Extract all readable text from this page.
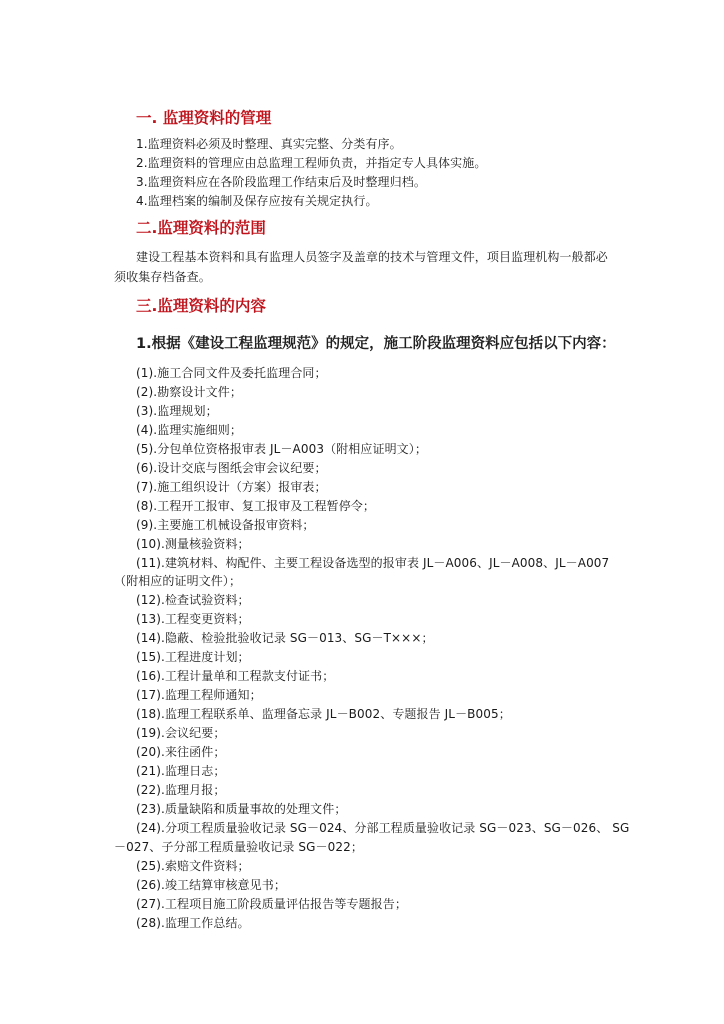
一. 监理资料的管理
1.监理资料必须及时整理、真实完整、分类有序。
2.监理资料的管理应由总监理工程师负责，并指定专人具体实施。
3.监理资料应在各阶段监理工作结束后及时整理归档。
4.监理档案的编制及保存应按有关规定执行。
二.监理资料的范围
建设工程基本资料和具有监理人员签字及盖章的技术与管理文件，项目监理机构一般都必
须收集存档备查。
三.监理资料的内容
1.根据《建设工程监理规范》的规定，施工阶段监理资料应包括以下内容：
(1).施工合同文件及委托监理合同；
(2).勘察设计文件；
(3).监理规划；
(4).监理实施细则；
(5).分包单位资格报审表 JL－A003（附相应证明文）；
(6).设计交底与图纸会审会议纪要；
(7).施工组织设计（方案）报审表；
(8).工程开工报审、复工报审及工程暂停令；
(9).主要施工机械设备报审资料；
(10).测量核验资料；
(11).建筑材料、构配件、主要工程设备选型的报审表 JL－A006、JL－A008、JL－A007
（附相应的证明文件）；
(12).检查试验资料；
(13).工程变更资料；
(14).隐蔽、检验批验收记录 SG－013、SG－T×××；
(15).工程进度计划；
(16).工程计量单和工程款支付证书；
(17).监理工程师通知；
(18).监理工程联系单、监理备忘录 JL－B002、专题报告 JL－B005；
(19).会议纪要；
(20).来往函件；
(21).监理日志；
(22).监理月报；
(23).质量缺陷和质量事故的处理文件；
(24).分项工程质量验收记录 SG－024、分部工程质量验收记录 SG－023、SG－026、 SG
－027、子分部工程质量验收记录 SG－022；
(25).索赔文件资料；
(26).竣工结算审核意见书；
(27).工程项目施工阶段质量评估报告等专题报告；
(28).监理工作总结。
